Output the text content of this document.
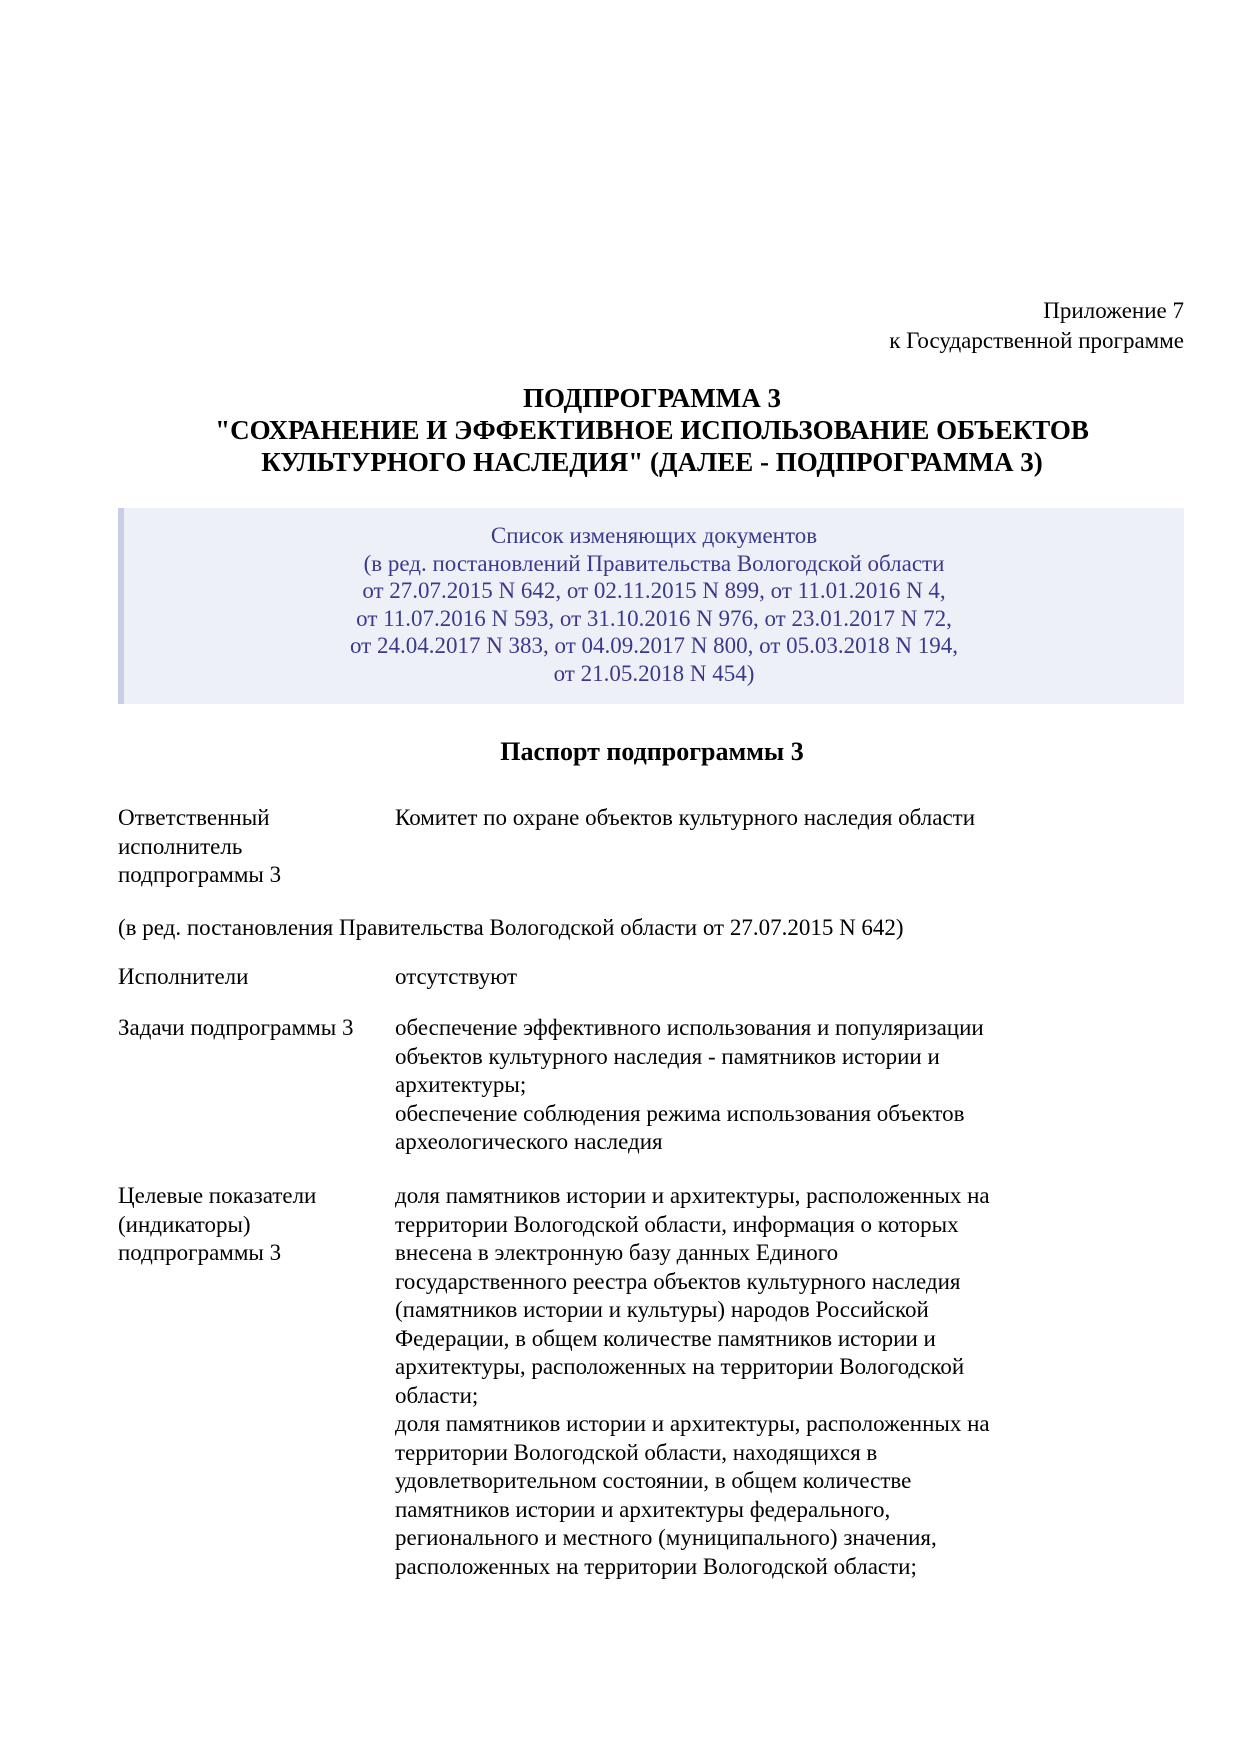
Приложение 7
к Государственной программе
ПОДПРОГРАММА 3
"СОХРАНЕНИЕ И ЭФФЕКТИВНОЕ ИСПОЛЬЗОВАНИЕ ОБЪЕКТОВ
КУЛЬТУРНОГО НАСЛЕДИЯ" (ДАЛЕЕ - ПОДПРОГРАММА 3)
Список изменяющих документов
(в ред. постановлений Правительства Вологодской области
от 27.07.2015 N 642, от 02.11.2015 N 899, от 11.01.2016 N 4,
от 11.07.2016 N 593, от 31.10.2016 N 976, от 23.01.2017 N 72,
от 24.04.2017 N 383, от 04.09.2017 N 800, от 05.03.2018 N 194,
от 21.05.2018 N 454)
Паспорт подпрограммы 3
Ответственный
исполнитель
подпрограммы 3
Комитет по охране объектов культурного наследия области
(в ред. постановления Правительства Вологодской области от 27.07.2015 N 642)
Исполнители	отсутствуют
Задачи подпрограммы 3	обеспечение эффективного использования и популяризации
объектов культурного наследия - памятников истории и
архитектуры;
обеспечение соблюдения режима использования объектов
археологического наследия
Целевые показатели
(индикаторы)
подпрограммы 3
доля памятников истории и архитектуры, расположенных на
территории Вологодской области, информация о которых
внесена в электронную базу данных Единого
государственного реестра объектов культурного наследия
(памятников истории и культуры) народов Российской
Федерации, в общем количестве памятников истории и
архитектуры, расположенных на территории Вологодской
области;
доля памятников истории и архитектуры, расположенных на
территории Вологодской области, находящихся в
удовлетворительном состоянии, в общем количестве
памятников истории и архитектуры федерального,
регионального и местного (муниципального) значения,
расположенных на территории Вологодской области;
